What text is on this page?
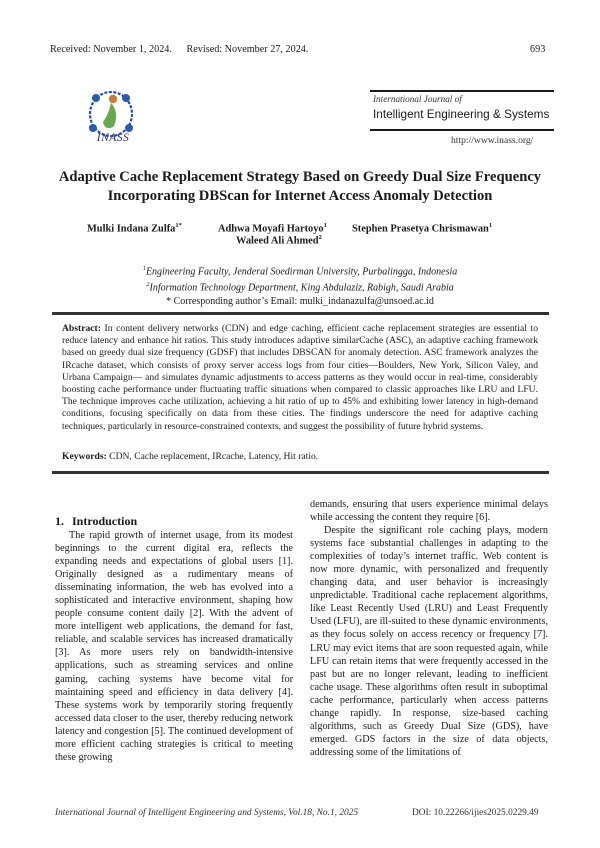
Received: November 1, 2024. Revised: November 27, 2024.	693
INASS
International Journal of
Intelligent Engineering & Systems
http://www.inass.org/
Adaptive Cache Replacement Strategy Based on Greedy Dual Size Frequency
Incorporating DBScan for Internet Access Anomaly Detection
Mulki Indana Zulfa$^{1*}$	Adhwa Moyafi Hartoyo$^1$ Stephen Prasetya Chrismawan$^1$
Waleed Ali Ahmed$^2$
$^1$Engineering Faculty, Jenderal Soedirman University, Purbalingga, Indonesia
$^2$Information Technology Department, King Abdulaziz, Rabigh, Saudi Arabia
* Corresponding author’s Email: mulki_indanazulfa@unsoed.ac.id
Abstract: In content delivery networks (CDN) and edge caching, efficient cache replacement strategies are essential to reduce latency and enhance hit ratios. This study introduces adaptive similarCache (ASC), an adaptive caching framework based on greedy dual size frequency (GDSF) that includes DBSCAN for anomaly detection. ASC framework analyzes the IRcache dataset, which consists of proxy server access logs from four cities—Boulders, New York, Silicon Valey, and Urbana Campaign— and simulates dynamic adjustments to access patterns as they would occur in real-time, considerably boosting cache performance under fluctuating traffic situations when compared to classic approaches like LRU and LFU. The technique improves cache utilization, achieving a hit ratio of up to 45% and exhibiting lower latency in high-demand conditions, focusing specifically on data from these cities. The findings underscore the need for adaptive caching techniques, particularly in resource-constrained contexts, and suggest the possibility of future hybrid systems.
Keywords: CDN, Cache replacement, IRcache, Latency, Hit ratio.
1. Introduction

The rapid growth of internet usage, from its modest beginnings to the current digital era, reflects the expanding needs and expectations of global users [1]. Originally designed as a rudimentary means of disseminating information, the web has evolved into a sophisticated and interactive environment, shaping how people consume content daily [2]. With the advent of more intelligent web applications, the demand for fast, reliable, and scalable services has increased dramatically [3]. As more users rely on bandwidth-intensive applications, such as streaming services and online gaming, caching systems have become vital for maintaining speed and efficiency in data delivery [4]. These systems work by temporarily storing frequently accessed data closer to the user, thereby reducing network latency and congestion [5]. The continued development of more efficient caching strategies is critical to meeting these growing

demands, ensuring that users experience minimal delays while accessing the content they require [6].

Despite the significant role caching plays, modern systems face substantial challenges in adapting to the complexities of today’s internet traffic. Web content is now more dynamic, with personalized and frequently changing data, and user behavior is increasingly unpredictable. Traditional cache replacement algorithms, like Least Recently Used (LRU) and Least Frequently Used (LFU), are ill-suited to these dynamic environments, as they focus solely on access recency or frequency [7]. LRU may evict items that are soon requested again, while LFU can retain items that were frequently accessed in the past but are no longer relevant, leading to inefficient cache usage. These algorithms often result in suboptimal cache performance, particularly when access patterns change rapidly. In response, size-based caching algorithms, such as Greedy Dual Size (GDS), have emerged. GDS factors in the size of data objects, addressing some of the limitations of

International Journal of Intelligent Engineering and Systems, Vol.18, No.1, 2025	DOI: 10.22266/ijies2025.0229.49
